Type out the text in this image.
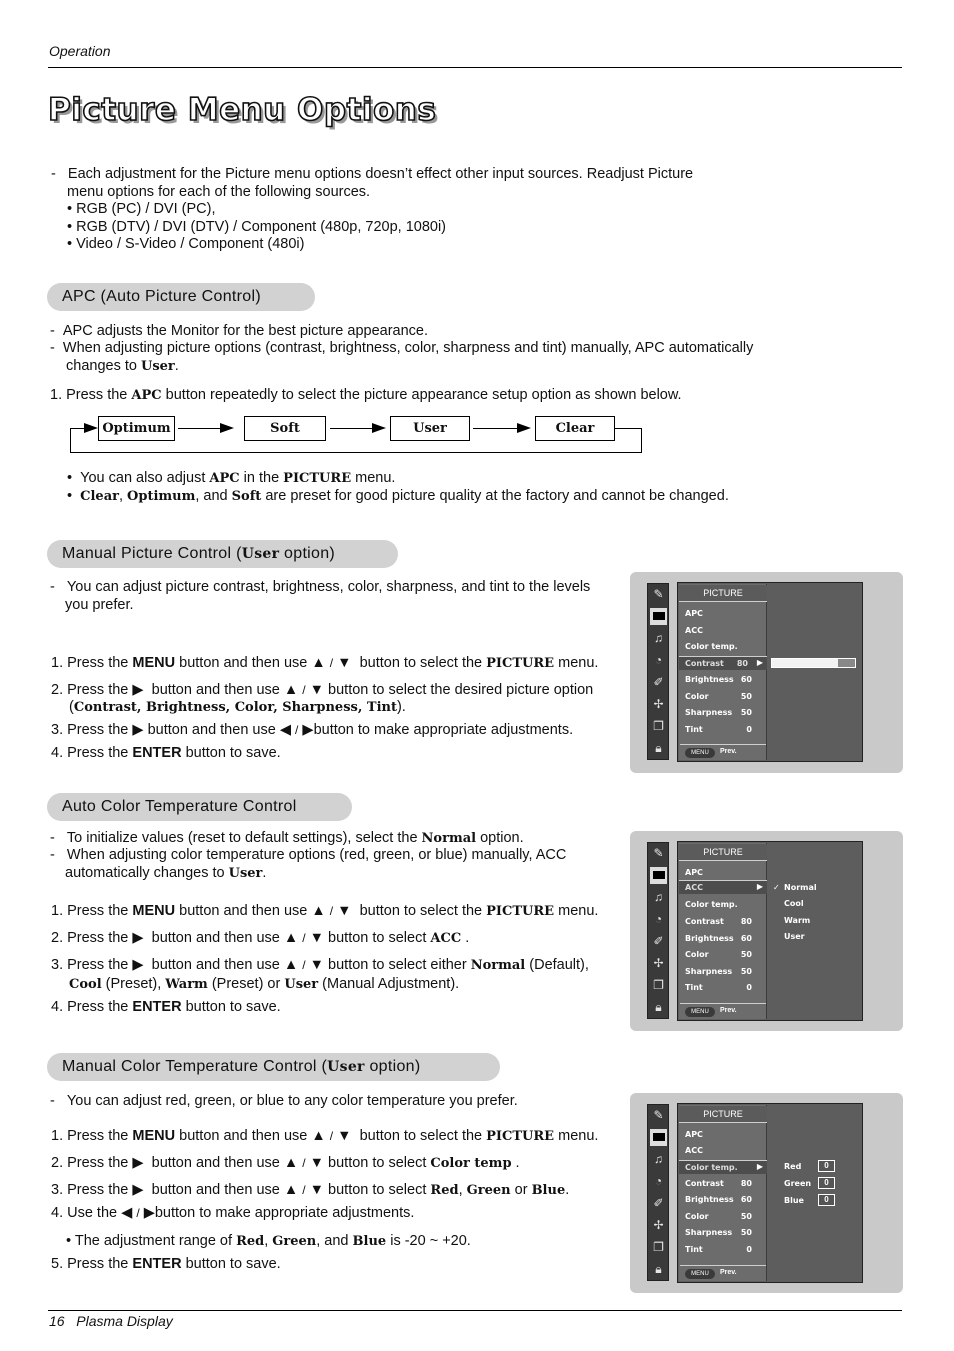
Operation
Picture Menu Options
-   Each adjustment for the Picture menu options doesn’t effect other input sources. Readjust Picture
menu options for each of the following sources.
• RGB (PC) / DVI (PC),
• RGB (DTV) / DVI (DTV) / Component (480p, 720p, 1080i)
• Video / S-Video / Component (480i)
APC (Auto Picture Control)
-  APC adjusts the Monitor for the best picture appearance.
-  When adjusting picture options (contrast, brightness, color, sharpness and tint) manually, APC automatically
changes to User.
1. Press the APC button repeatedly to select the picture appearance setup option as shown below.
Optimum	Soft	User	Clear
•  You can also adjust APC in the PICTURE menu.
•  Clear, Optimum, and Soft are preset for good picture quality at the factory and cannot be changed.
Manual Picture Control (User option)
-   You can adjust picture contrast, brightness, color, sharpness, and tint to the levels
you prefer.
1. Press the MENU button and then use ▲ / ▼ button to select the PICTURE menu.
2. Press the ▶ button and then use ▲ / ▼ button to select the desired picture option
(Contrast, Brightness, Color, Sharpness, Tint).
3. Press the ▶ button and then use ◀ / ▶button to make appropriate adjustments.
4. Press the ENTER button to save.
✎
♫
◔
✐
✢
❐
🔒︎
PICTURE
APC
ACC
Color temp.
Contrast 80 ▶
Brightness 60
Color	50
Sharpness 50
Tint	0
MENU	Prev.
Auto Color Temperature Control
-   To initialize values (reset to default settings), select the Normal option.
-   When adjusting color temperature options (red, green, or blue) manually, ACC
automatically changes to User.
1. Press the MENU button and then use ▲ / ▼ button to select the PICTURE menu.
2. Press the ▶ button and then use ▲ / ▼ button to select ACC .
3. Press the ▶ button and then use ▲ / ▼ button to select either Normal (Default),
Cool (Preset), Warm (Preset) or User (Manual Adjustment).
4. Press the ENTER button to save.
✎
♫
◔
✐
✢
❐
🔒︎
PICTURE
APC
ACC	▶
Color temp.
Contrast 80
Brightness 60
Color	50
Sharpness 50
Tint	0
MENU	Prev.
✓ Normal
Cool
Warm
User
Manual Color Temperature Control (User option)
-   You can adjust red, green, or blue to any color temperature you prefer.
1. Press the MENU button and then use ▲ / ▼ button to select the PICTURE menu.
2. Press the ▶ button and then use ▲ / ▼ button to select Color temp .
3. Press the ▶ button and then use ▲ / ▼ button to select Red, Green or Blue.
4. Use the ◀ / ▶button to make appropriate adjustments.
• The adjustment range of Red, Green, and Blue is -20 ~ +20.
5. Press the ENTER button to save.
✎
♫
◔
✐
✢
❐
🔒︎
PICTURE
APC
ACC
Color temp. ▶
Contrast 80
Brightness 60
Color	50
Sharpness 50
Tint	0
MENU	Prev.
Red	0
Green	0
Blue	0
16 Plasma Display
